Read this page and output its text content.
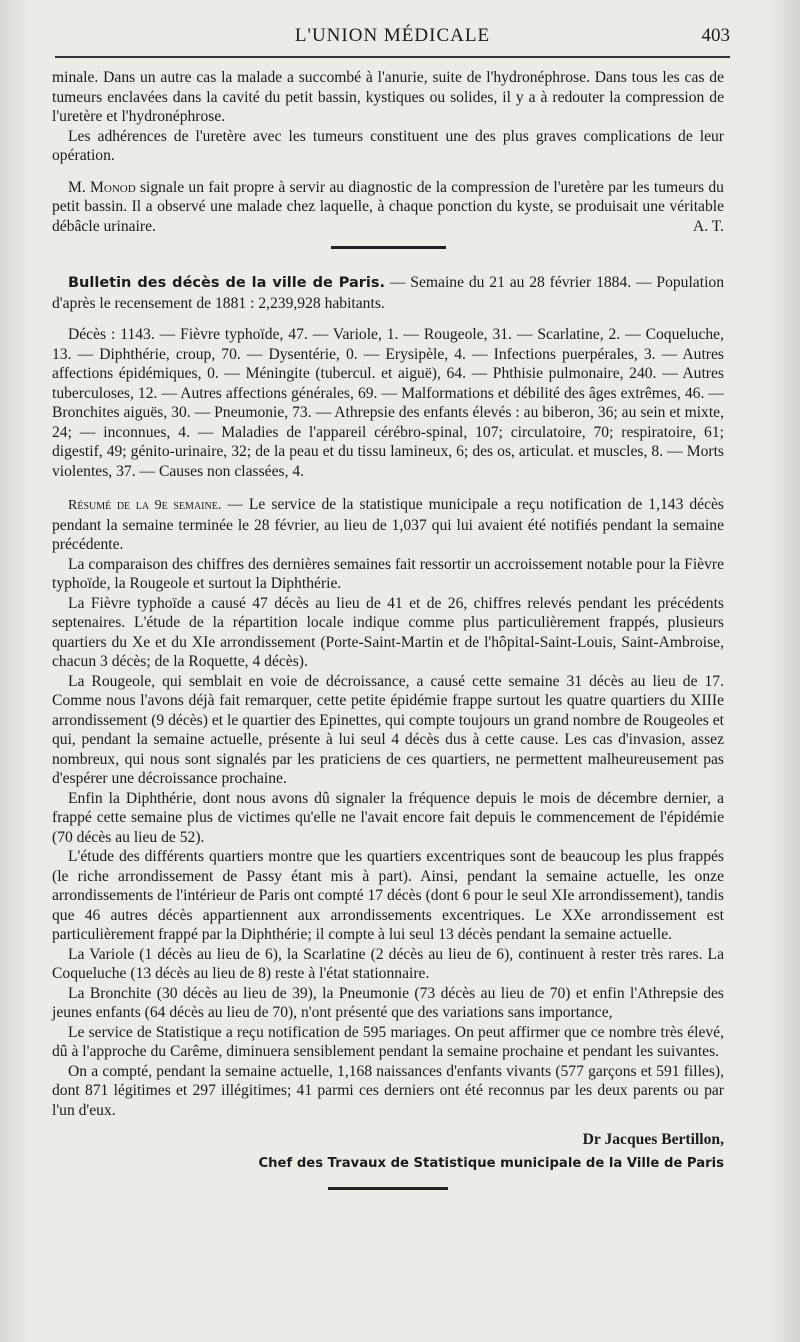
L'UNION MÉDICALE	403

minale. Dans un autre cas la malade a succombé à l'anurie, suite de l'hydronéphrose. Dans tous les cas de tumeurs enclavées dans la cavité du petit bassin, kystiques ou solides, il y a à redouter la compression de l'uretère et l'hydronéphrose.

Les adhérences de l'uretère avec les tumeurs constituent une des plus graves complications de leur opération.

M. Monod signale un fait propre à servir au diagnostic de la compression de l'uretère par les tumeurs du petit bassin. Il a observé une malade chez laquelle, à chaque ponction du kyste, se produisait une véritable débâcle urinaire.	A. T.

Bulletin des décès de la ville de Paris. — Semaine du 21 au 28 février 1884. — Population d'après le recensement de 1881 : 2,239,928 habitants.

Décès : 1143. — Fièvre typhoïde, 47. — Variole, 1. — Rougeole, 31. — Scarlatine, 2. — Coqueluche, 13. — Diphthérie, croup, 70. — Dysentérie, 0. — Erysipèle, 4. — Infections puerpérales, 3. — Autres affections épidémiques, 0. — Méningite (tubercul. et aiguë), 64. — Phthisie pulmonaire, 240. — Autres tuberculoses, 12. — Autres affections générales, 69. — Malformations et débilité des âges extrêmes, 46. — Bronchites aiguës, 30. — Pneumonie, 73. — Athrepsie des enfants élevés : au biberon, 36; au sein et mixte, 24; — inconnues, 4. — Maladies de l'appareil cérébro-spinal, 107; circulatoire, 70; respiratoire, 61; digestif, 49; génito-urinaire, 32; de la peau et du tissu lamineux, 6; des os, articulat. et muscles, 8. — Morts violentes, 37. — Causes non classées, 4.

Résumé de la 9e semaine. — Le service de la statistique municipale a reçu notification de 1,143 décès pendant la semaine terminée le 28 février, au lieu de 1,037 qui lui avaient été notifiés pendant la semaine précédente.

La comparaison des chiffres des dernières semaines fait ressortir un accroissement notable pour la Fièvre typhoïde, la Rougeole et surtout la Diphthérie.

La Fièvre typhoïde a causé 47 décès au lieu de 41 et de 26, chiffres relevés pendant les précédents septenaires. L'étude de la répartition locale indique comme plus particulièrement frappés, plusieurs quartiers du Xe et du XIe arrondissement (Porte-Saint-Martin et de l'hôpital-Saint-Louis, Saint-Ambroise, chacun 3 décès; de la Roquette, 4 décès).

La Rougeole, qui semblait en voie de décroissance, a causé cette semaine 31 décès au lieu de 17. Comme nous l'avons déjà fait remarquer, cette petite épidémie frappe surtout les quatre quartiers du XIIIe arrondissement (9 décès) et le quartier des Epinettes, qui compte toujours un grand nombre de Rougeoles et qui, pendant la semaine actuelle, présente à lui seul 4 décès dus à cette cause. Les cas d'invasion, assez nombreux, qui nous sont signalés par les praticiens de ces quartiers, ne permettent malheureusement pas d'espérer une décroissance prochaine.

Enfin la Diphthérie, dont nous avons dû signaler la fréquence depuis le mois de décembre dernier, a frappé cette semaine plus de victimes qu'elle ne l'avait encore fait depuis le commencement de l'épidémie (70 décès au lieu de 52).

L'étude des différents quartiers montre que les quartiers excentriques sont de beaucoup les plus frappés (le riche arrondissement de Passy étant mis à part). Ainsi, pendant la semaine actuelle, les onze arrondissements de l'intérieur de Paris ont compté 17 décès (dont 6 pour le seul XIe arrondissement), tandis que 46 autres décès appartiennent aux arrondissements excentriques. Le XXe arrondissement est particulièrement frappé par la Diphthérie; il compte à lui seul 13 décès pendant la semaine actuelle.

La Variole (1 décès au lieu de 6), la Scarlatine (2 décès au lieu de 6), continuent à rester très rares. La Coqueluche (13 décès au lieu de 8) reste à l'état stationnaire.

La Bronchite (30 décès au lieu de 39), la Pneumonie (73 décès au lieu de 70) et enfin l'Athrepsie des jeunes enfants (64 décès au lieu de 70), n'ont présenté que des variations sans importance,

Le service de Statistique a reçu notification de 595 mariages. On peut affirmer que ce nombre très élevé, dû à l'approche du Carême, diminuera sensiblement pendant la semaine prochaine et pendant les suivantes.

On a compté, pendant la semaine actuelle, 1,168 naissances d'enfants vivants (577 garçons et 591 filles), dont 871 légitimes et 297 illégitimes; 41 parmi ces derniers ont été reconnus par les deux parents ou par l'un d'eux.

Dr Jacques Bertillon,
Chef des Travaux de Statistique municipale de la Ville de Paris
